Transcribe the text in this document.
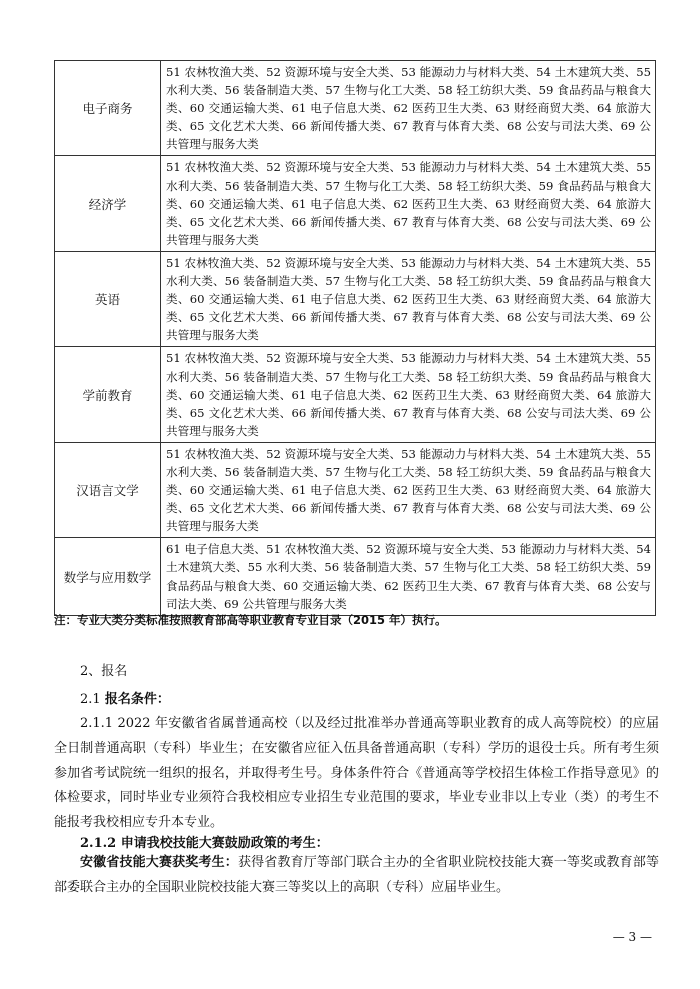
电子商务	51 农林牧渔大类、52 资源环境与安全大类、53 能源动力与材料大类、54 土木建筑大类、55 水利大类、56 装备制造大类、57 生物与化工大类、58 轻工纺织大类、59 食品药品与粮食大类、60 交通运输大类、61 电子信息大类、62 医药卫生大类、63 财经商贸大类、64 旅游大类、65 文化艺术大类、66 新闻传播大类、67 教育与体育大类、68 公安与司法大类、69 公共管理与服务大类
经济学	51 农林牧渔大类、52 资源环境与安全大类、53 能源动力与材料大类、54 土木建筑大类、55 水利大类、56 装备制造大类、57 生物与化工大类、58 轻工纺织大类、59 食品药品与粮食大类、60 交通运输大类、61 电子信息大类、62 医药卫生大类、63 财经商贸大类、64 旅游大类、65 文化艺术大类、66 新闻传播大类、67 教育与体育大类、68 公安与司法大类、69 公共管理与服务大类
英语	51 农林牧渔大类、52 资源环境与安全大类、53 能源动力与材料大类、54 土木建筑大类、55 水利大类、56 装备制造大类、57 生物与化工大类、58 轻工纺织大类、59 食品药品与粮食大类、60 交通运输大类、61 电子信息大类、62 医药卫生大类、63 财经商贸大类、64 旅游大类、65 文化艺术大类、66 新闻传播大类、67 教育与体育大类、68 公安与司法大类、69 公共管理与服务大类
学前教育	51 农林牧渔大类、52 资源环境与安全大类、53 能源动力与材料大类、54 土木建筑大类、55 水利大类、56 装备制造大类、57 生物与化工大类、58 轻工纺织大类、59 食品药品与粮食大类、60 交通运输大类、61 电子信息大类、62 医药卫生大类、63 财经商贸大类、64 旅游大类、65 文化艺术大类、66 新闻传播大类、67 教育与体育大类、68 公安与司法大类、69 公共管理与服务大类
汉语言文学	51 农林牧渔大类、52 资源环境与安全大类、53 能源动力与材料大类、54 土木建筑大类、55 水利大类、56 装备制造大类、57 生物与化工大类、58 轻工纺织大类、59 食品药品与粮食大类、60 交通运输大类、61 电子信息大类、62 医药卫生大类、63 财经商贸大类、64 旅游大类、65 文化艺术大类、66 新闻传播大类、67 教育与体育大类、68 公安与司法大类、69 公共管理与服务大类
数学与应用数学	61 电子信息大类、51 农林牧渔大类、52 资源环境与安全大类、53 能源动力与材料大类、54 土木建筑大类、55 水利大类、56 装备制造大类、57 生物与化工大类、58 轻工纺织大类、59 食品药品与粮食大类、60 交通运输大类、62 医药卫生大类、67 教育与体育大类、68 公安与司法大类、69 公共管理与服务大类
注：专业大类分类标准按照教育部高等职业教育专业目录（2015 年）执行。
2、报名
2.1 报名条件：
2.1.1 2022 年安徽省省属普通高校（以及经过批准举办普通高等职业教育的成人高等院校）的应届全日制普通高职（专科）毕业生；在安徽省应征入伍具备普通高职（专科）学历的退役士兵。所有考生须参加省考试院统一组织的报名，并取得考生号。身体条件符合《普通高等学校招生体检工作指导意见》的体检要求，同时毕业专业须符合我校相应专业招生专业范围的要求，毕业专业非以上专业（类）的考生不能报考我校相应专升本专业。
2.1.2 申请我校技能大赛鼓励政策的考生：
安徽省技能大赛获奖考生：获得省教育厅等部门联合主办的全省职业院校技能大赛一等奖或教育部等部委联合主办的全国职业院校技能大赛三等奖以上的高职（专科）应届毕业生。
— 3 —
